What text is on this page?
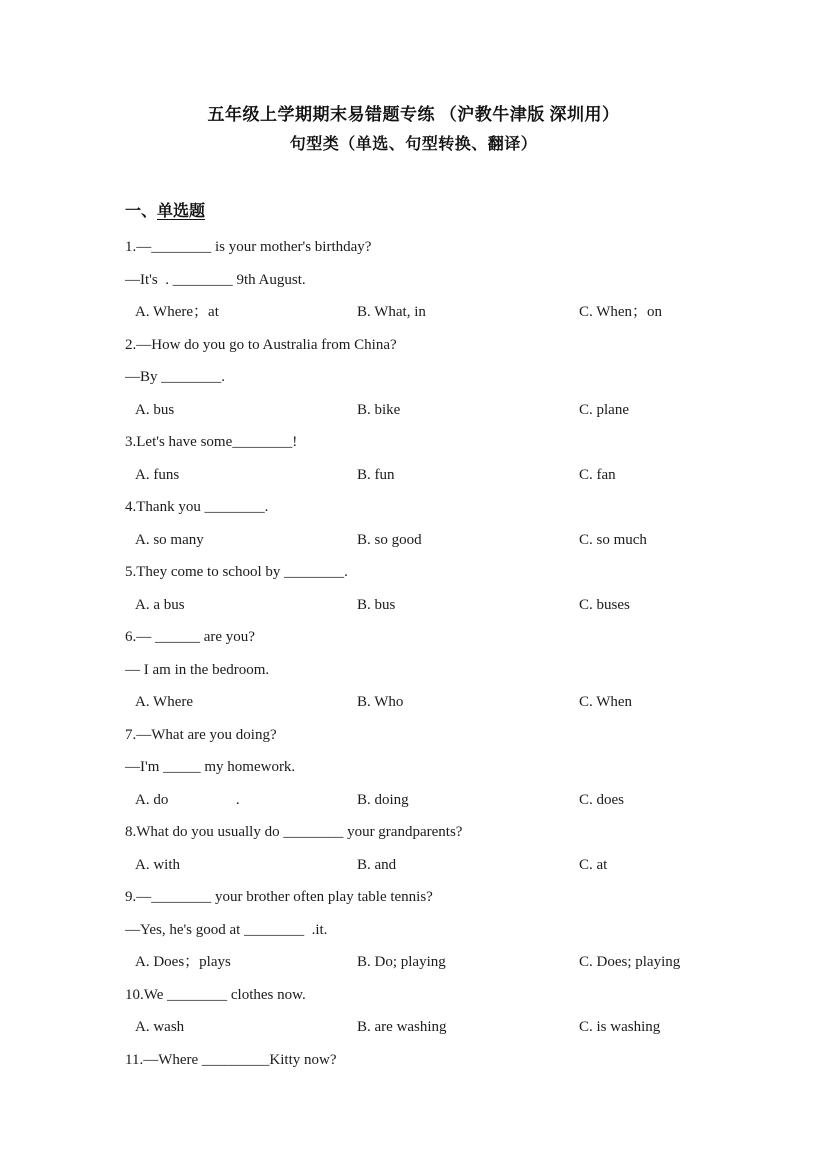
五年级上学期期末易错题专练 （沪教牛津版 深圳用）
句型类（单选、句型转换、翻译）
一、单选题
1.—________ is your mother's birthday?
—It's  . ________ 9th August.
A. Where；at	B. What, in	C. When；on
2.—How do you go to Australia from China?
—By ________.
A. bus	B. bike	C. plane
3.Let's have some________!
A. funs	B. fun	C. fan
4.Thank you ________.
A. so many	B. so good	C. so much
5.They come to school by ________.
A. a bus	B. bus	C. buses
6.— ______ are you?
— I am in the bedroom.
A. Where	B. Who	C. When
7.—What are you doing?
—I'm _____ my homework.
A. do                  .	B. doing	C. does
8.What do you usually do ________ your grandparents?
A. with	B. and	C. at
9.—________ your brother often play table tennis?
—Yes, he's good at ________  .it.
A. Does；plays	B. Do; playing	C. Does; playing
10.We ________ clothes now.
A. wash	B. are washing	C. is washing
11.—Where _________Kitty now?
